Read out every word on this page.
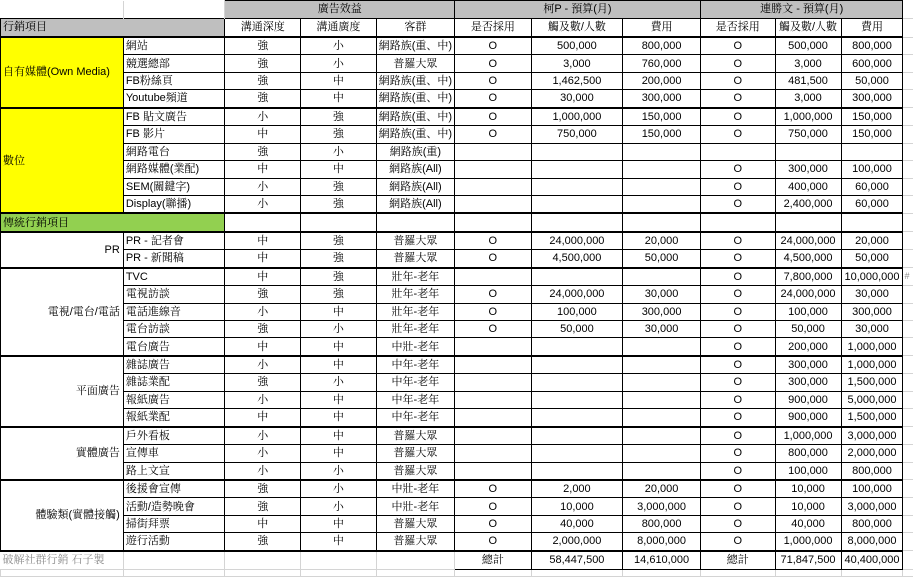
		廣告效益			柯P - 預算(月)			連勝文 - 預算(月)			
行銷項目		溝通深度	溝通廣度	客群	是否採用	觸及數/人數	費用	是否採用	觸及數/人數	費用	
自有媒體(Own Media)	網站	強	小	網路族(重、中)	O	500,000	800,000	O	500,000	800,000	
	競選總部	強	小	普羅大眾	O	3,000	760,000	O	3,000	600,000	
	FB粉絲頁	強	中	網路族(重、中)	O	1,462,500	200,000	O	481,500	50,000	
	Youtube頻道	強	中	網路族(重、中)	O	30,000	300,000	O	3,000	300,000	
數位	FB 貼文廣告	小	強	網路族(重、中)	O	1,000,000	150,000	O	1,000,000	150,000	
	FB 影片	中	強	網路族(重、中)	O	750,000	150,000	O	750,000	150,000	
	網路電台	強	小	網路族(重)							
	網路媒體(業配)	中	中	網路族(All)				O	300,000	100,000	
	SEM(關鍵字)	小	強	網路族(All)				O	400,000	60,000	
	Display(聯播)	小	強	網路族(All)				O	2,400,000	60,000	
傳統行銷項目											
PR	PR - 記者會	中	強	普羅大眾	O	24,000,000	20,000	O	24,000,000	20,000	
	PR - 新聞稿	中	強	普羅大眾	O	4,500,000	50,000	O	4,500,000	50,000	
電視/電台/電話	TVC	中	強	壯年-老年				O	7,800,000	10,000,000	#
	電視訪談	強	強	壯年-老年	O	24,000,000	30,000	O	24,000,000	30,000	
	電話進線音	小	中	壯年-老年	O	100,000	300,000	O	100,000	300,000	
	電台訪談	強	小	壯年-老年	O	50,000	30,000	O	50,000	30,000	
	電台廣告	中	中	中壯-老年				O	200,000	1,000,000	
平面廣告	雜誌廣告	小	中	中年-老年				O	300,000	1,000,000	
	雜誌業配	強	小	中年-老年				O	300,000	1,500,000	
	報紙廣告	小	中	中年-老年				O	900,000	5,000,000	
	報紙業配	中	中	中年-老年				O	900,000	1,500,000	
實體廣告	戶外看板	小	中	普羅大眾				O	1,000,000	3,000,000	
	宣傳車	小	中	普羅大眾				O	800,000	2,000,000	
	路上文宣	小	小	普羅大眾				O	100,000	800,000	
體驗類(實體接觸)	後援會宣傳	強	小	中壯-老年	O	2,000	20,000	O	10,000	100,000	
	活動/造勢晚會	強	小	中壯-老年	O	10,000	3,000,000	O	10,000	3,000,000	
	掃街拜票	中	中	普羅大眾	O	40,000	800,000	O	40,000	800,000	
	遊行活動	強	中	普羅大眾	O	2,000,000	8,000,000	O	1,000,000	8,000,000	
破解社群行銷 石子製					總計	58,447,500	14,610,000	總計	71,847,500	40,400,000	
